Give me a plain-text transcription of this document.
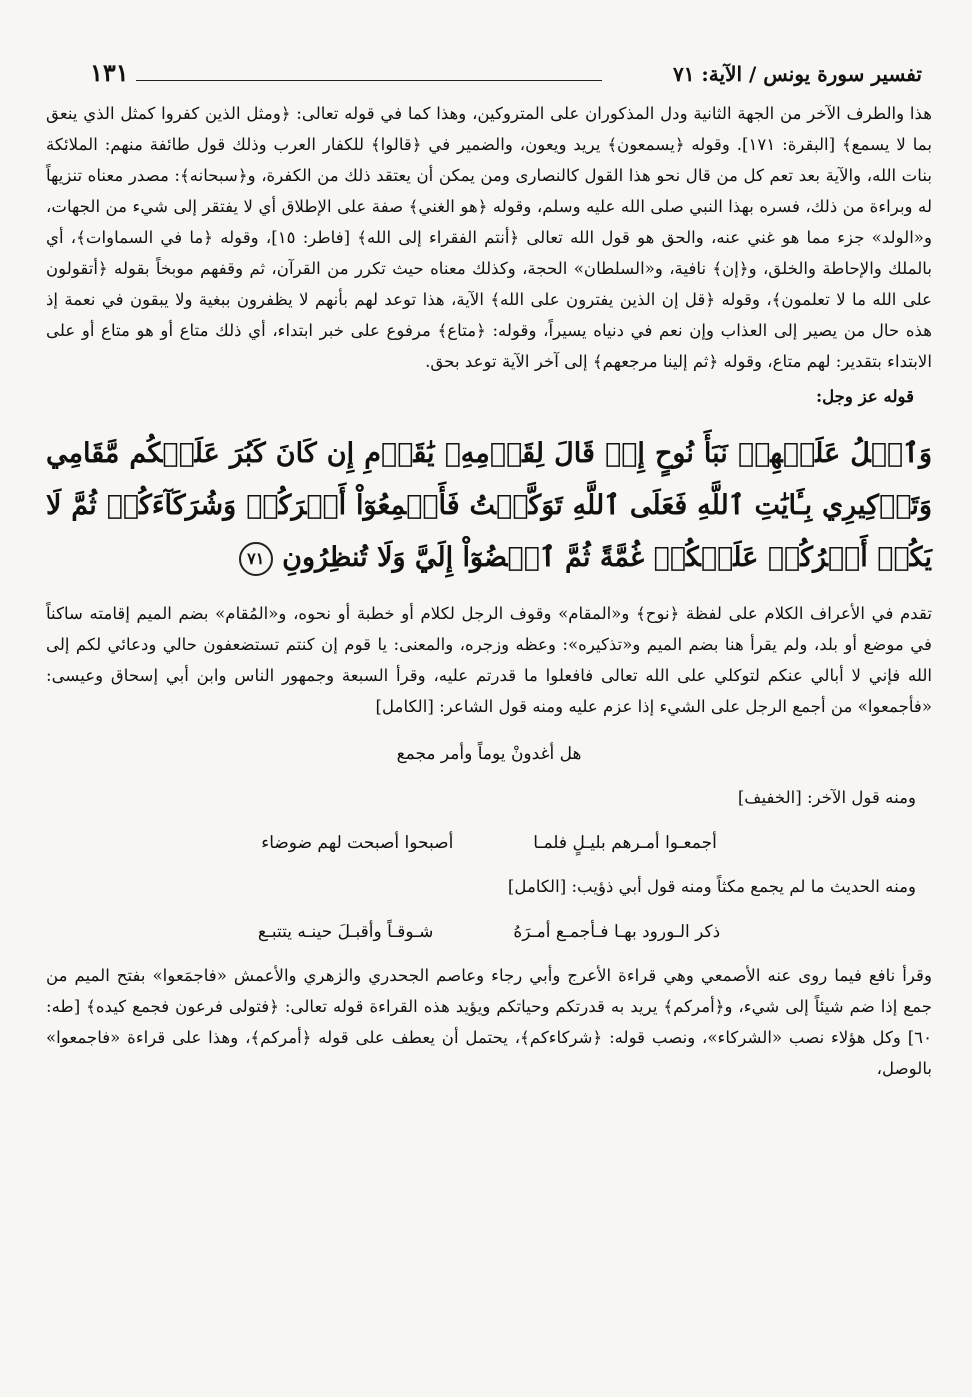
تفسير سورة يونس / الآية: ٧١
١٣١

هذا والطرف الآخر من الجهة الثانية ودل المذكوران على المتروكين، وهذا كما في قوله تعالى: ﴿ومثل الذين كفروا كمثل الذي ينعق بما لا يسمع﴾ [البقرة: ١٧١]. وقوله ﴿يسمعون﴾ يريد ويعون، والضمير في ﴿قالوا﴾ للكفار العرب وذلك قول طائفة منهم: الملائكة بنات الله، والآية بعد تعم كل من قال نحو هذا القول كالنصارى ومن يمكن أن يعتقد ذلك من الكفرة، و﴿سبحانه﴾: مصدر معناه تنزيهاً له وبراءة من ذلك، فسره بهذا النبي صلى الله عليه وسلم، وقوله ﴿هو الغني﴾ صفة على الإطلاق أي لا يفتقر إلى شيء من الجهات، و«الولد» جزء مما هو غني عنه، والحق هو قول الله تعالى ﴿أنتم الفقراء إلى الله﴾ [فاطر: ١٥]، وقوله ﴿ما في السماوات﴾، أي بالملك والإحاطة والخلق، و﴿إن﴾ نافية، و«السلطان» الحجة، وكذلك معناه حيث تكرر من القرآن، ثم وقفهم موبخاً بقوله ﴿أتقولون على الله ما لا تعلمون﴾، وقوله ﴿قل إن الذين يفترون على الله﴾ الآية، هذا توعد لهم بأنهم لا يظفرون ببغية ولا يبقون في نعمة إذ هذه حال من يصير إلى العذاب وإن نعم في دنياه يسيراً، وقوله: ﴿متاع﴾ مرفوع على خبر ابتداء، أي ذلك متاع أو هو متاع أو على الابتداء بتقدير: لهم متاع، وقوله ﴿ثم إلينا مرجعهم﴾ إلى آخر الآية توعد بحق.

قوله عز وجل:

وَٱتۡلُ عَلَيۡهِمۡ نَبَأَ نُوحٍ إِذۡ قَالَ لِقَوۡمِهِۦ يَٰقَوۡمِ إِن كَانَ كَبُرَ عَلَيۡكُم مَّقَامِي وَتَذۡكِيرِي بِـَٔايَٰتِ ٱللَّهِ فَعَلَى ٱللَّهِ تَوَكَّلۡتُ فَأَجۡمِعُوٓاْ أَمۡرَكُمۡ وَشُرَكَآءَكُمۡ ثُمَّ لَا يَكُنۡ أَمۡرُكُمۡ عَلَيۡكُمۡ غُمَّةً ثُمَّ ٱقۡضُوٓاْ إِلَيَّ وَلَا تُنظِرُونِ ٧١

تقدم في الأعراف الكلام على لفظة ﴿نوح﴾ و«المقام» وقوف الرجل لكلام أو خطبة أو نحوه، و«المُقام» بضم الميم إقامته ساكناً في موضع أو بلد، ولم يقرأ هنا بضم الميم و«تذكيره»: وعظه وزجره، والمعنى: يا قوم إن كنتم تستضعفون حالي ودعائي لكم إلى الله فإني لا أبالي عنكم لتوكلي على الله تعالى فافعلوا ما قدرتم عليه، وقرأ السبعة وجمهور الناس وابن أبي إسحاق وعيسى: «فأجمعوا» من أجمع الرجل على الشيء إذا عزم عليه ومنه قول الشاعر: [الكامل]

هل أغدونْ يوماً وأمر مجمع

ومنه قول الآخر: [الخفيف]

أجمعـوا أمـرهم بليـلٍ فلمـا
أصبحوا أصبحت لهم ضوضاء

ومنه الحديث ما لم يجمع مكثاً ومنه قول أبي ذؤيب: [الكامل]

ذكر الـورود بهـا فـأجمـع أمـرَهُ
شـوقـاً وأقبـلَ حينـه يتتبـع

وقرأ نافع فيما روى عنه الأصمعي وهي قراءة الأعرج وأبي رجاء وعاصم الجحدري والزهري والأعمش «فاجمَعوا» بفتح الميم من جمع إذا ضم شيئاً إلى شيء، و﴿أمركم﴾ يريد به قدرتكم وحياتكم ويؤيد هذه القراءة قوله تعالى: ﴿فتولى فرعون فجمع كيده﴾ [طه: ٦٠] وكل هؤلاء نصب «الشركاء»، ونصب قوله: ﴿شركاءكم﴾، يحتمل أن يعطف على قوله ﴿أمركم﴾، وهذا على قراءة «فاجمعوا» بالوصل،
